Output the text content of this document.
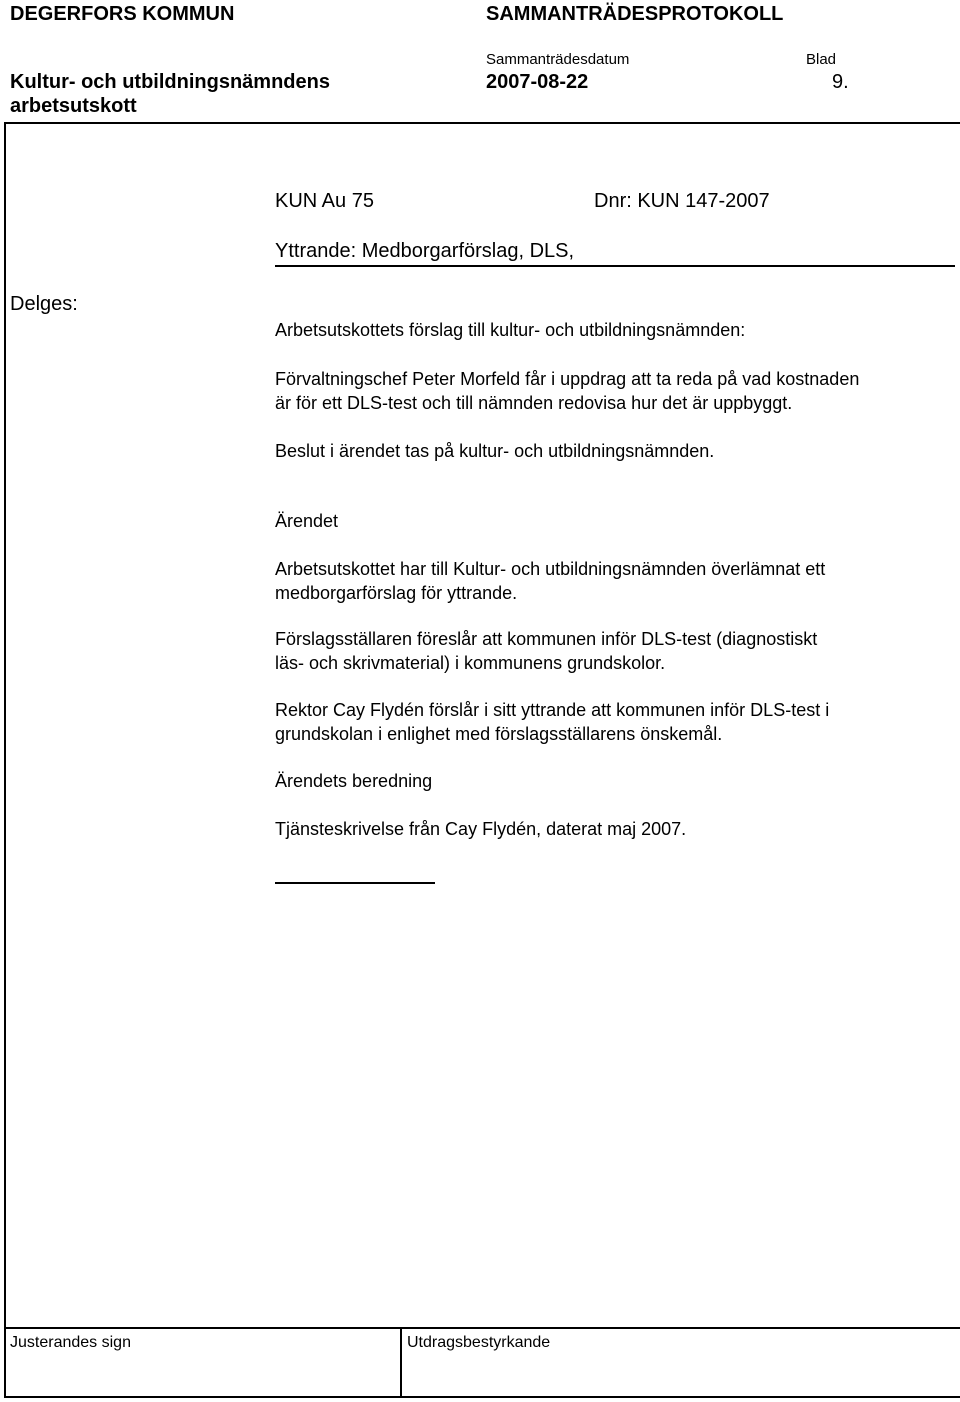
DEGERFORS KOMMUN	SAMMANTRÄDESPROTOKOLL
Kultur- och utbildningsnämndens
arbetsutskott
Sammanträdesdatum
2007-08-22
Blad
9.
KUN Au 75	Dnr: KUN 147-2007
Yttrande: Medborgarförslag, DLS,
Delges:
Arbetsutskottets förslag till kultur- och utbildningsnämnden:
Förvaltningschef Peter Morfeld får i uppdrag att ta reda på vad kostnaden
är för ett DLS-test och till nämnden redovisa hur det är uppbyggt.
Beslut i ärendet tas på kultur- och utbildningsnämnden.
Ärendet
Arbetsutskottet har till Kultur- och utbildningsnämnden överlämnat ett
medborgarförslag för yttrande.
Förslagsställaren föreslår att kommunen inför DLS-test (diagnostiskt
läs- och skrivmaterial) i kommunens grundskolor.
Rektor Cay Flydén förslår i sitt yttrande att kommunen inför DLS-test i
grundskolan i enlighet med förslagsställarens önskemål.
Ärendets beredning
Tjänsteskrivelse från Cay Flydén, daterat maj 2007.
Justerandes sign	Utdragsbestyrkande
